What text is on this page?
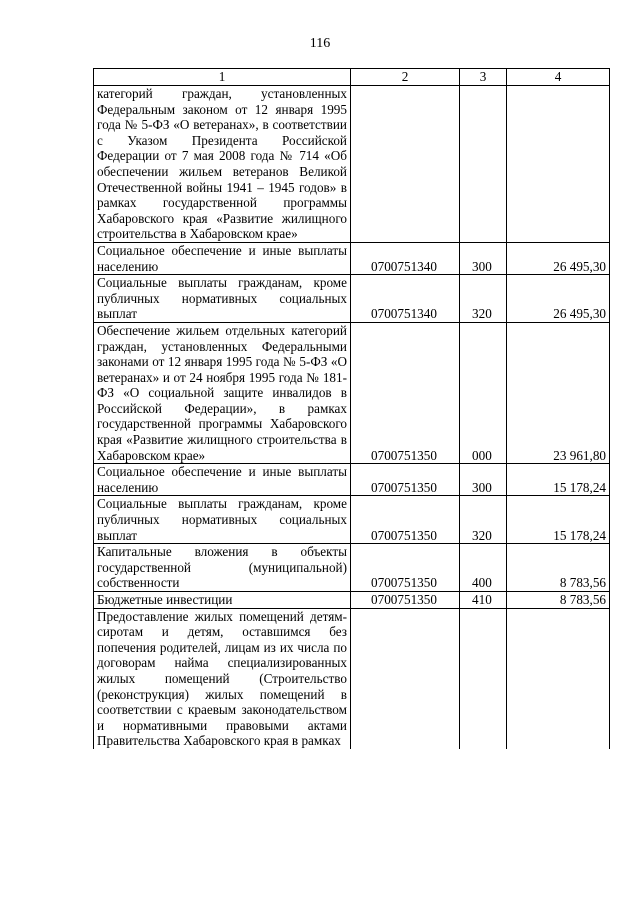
116
1	2	3	4
категорий граждан, установленных Федеральным законом от 12 января 1995 года № 5-ФЗ «О ветеранах», в соответствии с Указом Президента Российской Федерации от 7 мая 2008 года № 714 «Об обеспечении жильем ветеранов Великой Отечественной войны 1941 – 1945 годов» в рамках государственной программы Хабаровского края «Развитие жилищного строительства в Хабаровском крае»			
Социальное обеспечение и иные выплаты населению	0700751340	300	26 495,30
Социальные выплаты гражданам, кроме публичных нормативных социальных выплат	0700751340	320	26 495,30
Обеспечение жильем отдельных категорий граждан, установленных Федеральными законами от 12 января 1995 года № 5-ФЗ «О ветеранах» и от 24 ноября 1995 года № 181-ФЗ «О социальной защите инвалидов в Российской Федерации», в рамках государственной программы Хабаровского края «Развитие жилищного строительства в Хабаровском крае»	0700751350	000	23 961,80
Социальное обеспечение и иные выплаты населению	0700751350	300	15 178,24
Социальные выплаты гражданам, кроме публичных нормативных социальных выплат	0700751350	320	15 178,24
Капитальные вложения в объекты государственной (муниципальной) собственности	0700751350	400	8 783,56
Бюджетные инвестиции	0700751350	410	8 783,56
Предоставление жилых помещений детям-сиротам и детям, оставшимся без попечения родителей, лицам из их числа по договорам найма специализированных жилых помещений (Строительство (реконструкция) жилых помещений в соответствии с краевым законодательством и нормативными правовыми актами Правительства Хабаровского края в рамках			
